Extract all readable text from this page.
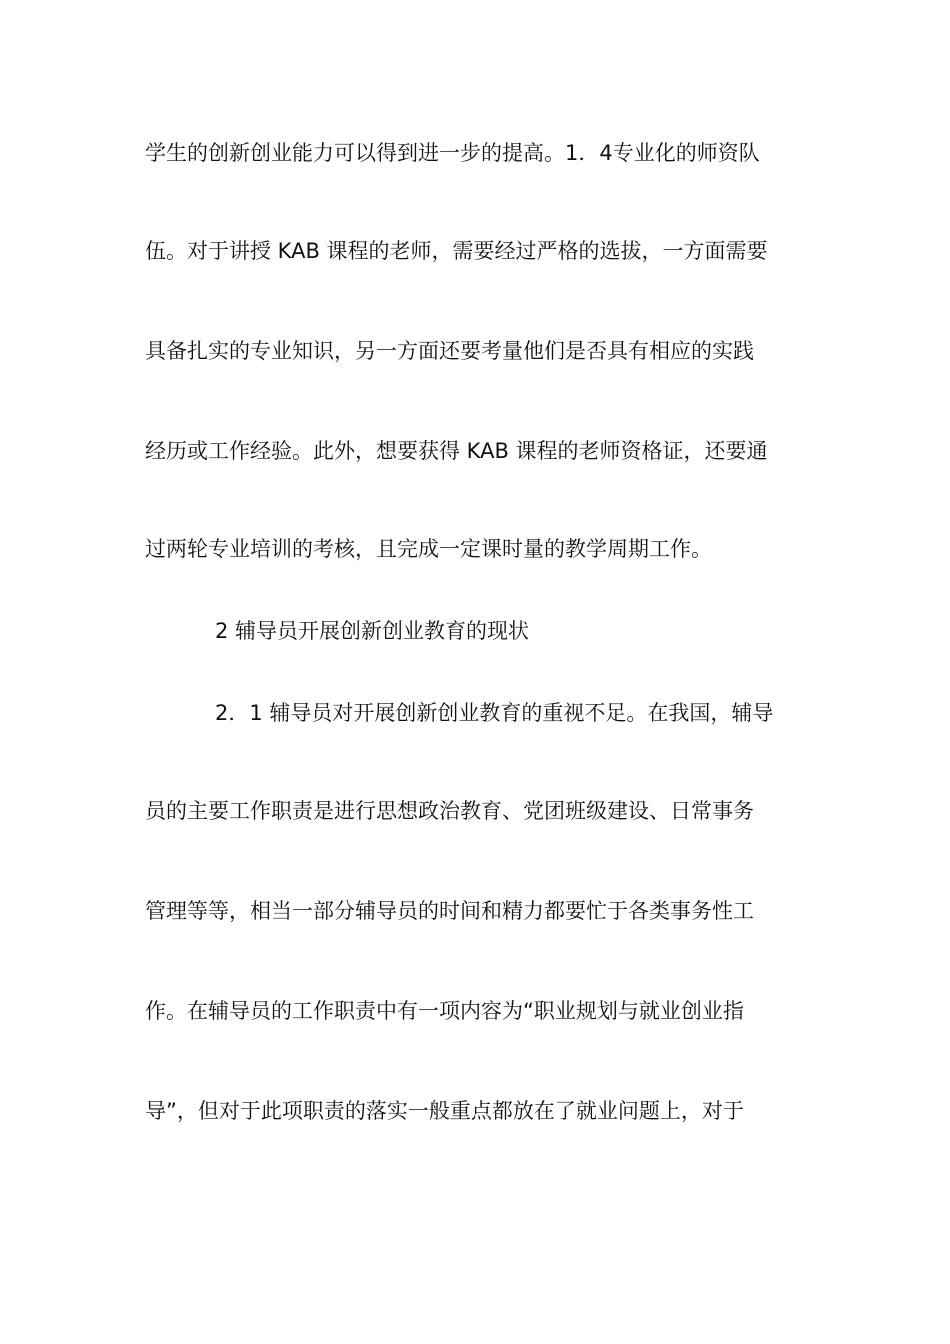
学生的创新创业能力可以得到进一步的提高。1．4专业化的师资队
伍。对于讲授 KAB 课程的老师，需要经过严格的选拔，一方面需要
具备扎实的专业知识，另一方面还要考量他们是否具有相应的实践
经历或工作经验。此外，想要获得 KAB 课程的老师资格证，还要通
过两轮专业培训的考核，且完成一定课时量的教学周期工作。
2 辅导员开展创新创业教育的现状
2．1 辅导员对开展创新创业教育的重视不足。在我国，辅导
员的主要工作职责是进行思想政治教育、党团班级建设、日常事务
管理等等，相当一部分辅导员的时间和精力都要忙于各类事务性工
作。在辅导员的工作职责中有一项内容为“职业规划与就业创业指
导”，但对于此项职责的落实一般重点都放在了就业问题上，对于
